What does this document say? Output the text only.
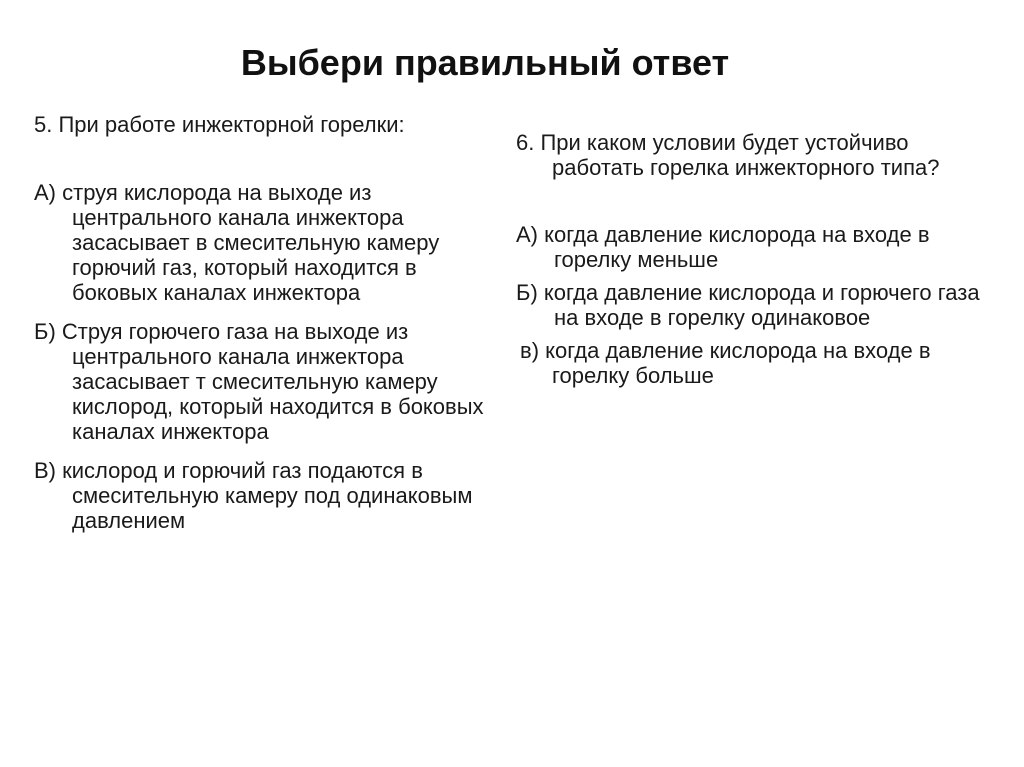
Выбери правильный ответ

5. При работе инжекторной горелки:

А) струя кислорода на выходе из центрального канала инжектора засасывает в смесительную камеру горючий газ, который находится в боковых каналах инжектора

Б) Струя горючего газа на выходе из центрального канала инжектора засасывает т смесительную камеру кислород, который находится в боковых каналах инжектора

В) кислород и горючий газ подаются в смесительную камеру под одинаковым давлением

6. При каком условии будет устойчиво работать горелка инжекторного типа?

А) когда давление кислорода на входе в горелку меньше

Б) когда давление кислорода и горючего газа на входе в горелку одинаковое

в) когда давление кислорода на входе в горелку больше
